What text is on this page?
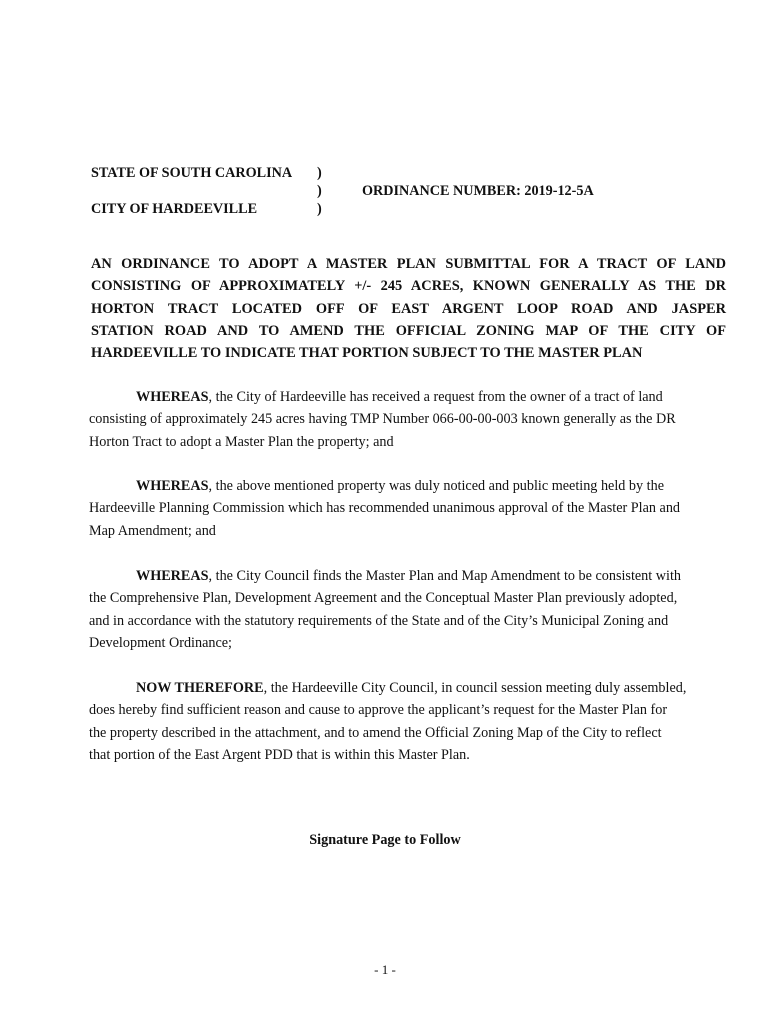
STATE OF SOUTH CAROLINA )
)	ORDINANCE NUMBER: 2019-12-5A
CITY OF HARDEEVILLE	)
AN ORDINANCE TO ADOPT A MASTER PLAN SUBMITTAL FOR A TRACT OF LAND
CONSISTING OF APPROXIMATELY +/- 245 ACRES, KNOWN GENERALLY AS THE DR
HORTON TRACT LOCATED OFF OF EAST ARGENT LOOP ROAD AND JASPER
STATION ROAD AND TO AMEND THE OFFICIAL ZONING MAP OF THE CITY OF
HARDEEVILLE TO INDICATE THAT PORTION SUBJECT TO THE MASTER PLAN
WHEREAS, the City of Hardeeville has received a request from the owner of a tract of land
consisting of approximately 245 acres having TMP Number 066-00-00-003 known generally as the DR
Horton Tract to adopt a Master Plan the property; and
WHEREAS, the above mentioned property was duly noticed and public meeting held by the
Hardeeville Planning Commission which has recommended unanimous approval of the Master Plan and
Map Amendment; and
WHEREAS, the City Council finds the Master Plan and Map Amendment to be consistent with
the Comprehensive Plan, Development Agreement and the Conceptual Master Plan previously adopted,
and in accordance with the statutory requirements of the State and of the City’s Municipal Zoning and
Development Ordinance;
NOW THEREFORE, the Hardeeville City Council, in council session meeting duly assembled,
does hereby find sufficient reason and cause to approve the applicant’s request for the Master Plan for
the property described in the attachment, and to amend the Official Zoning Map of the City to reflect
that portion of the East Argent PDD that is within this Master Plan.
Signature Page to Follow
- 1 -
